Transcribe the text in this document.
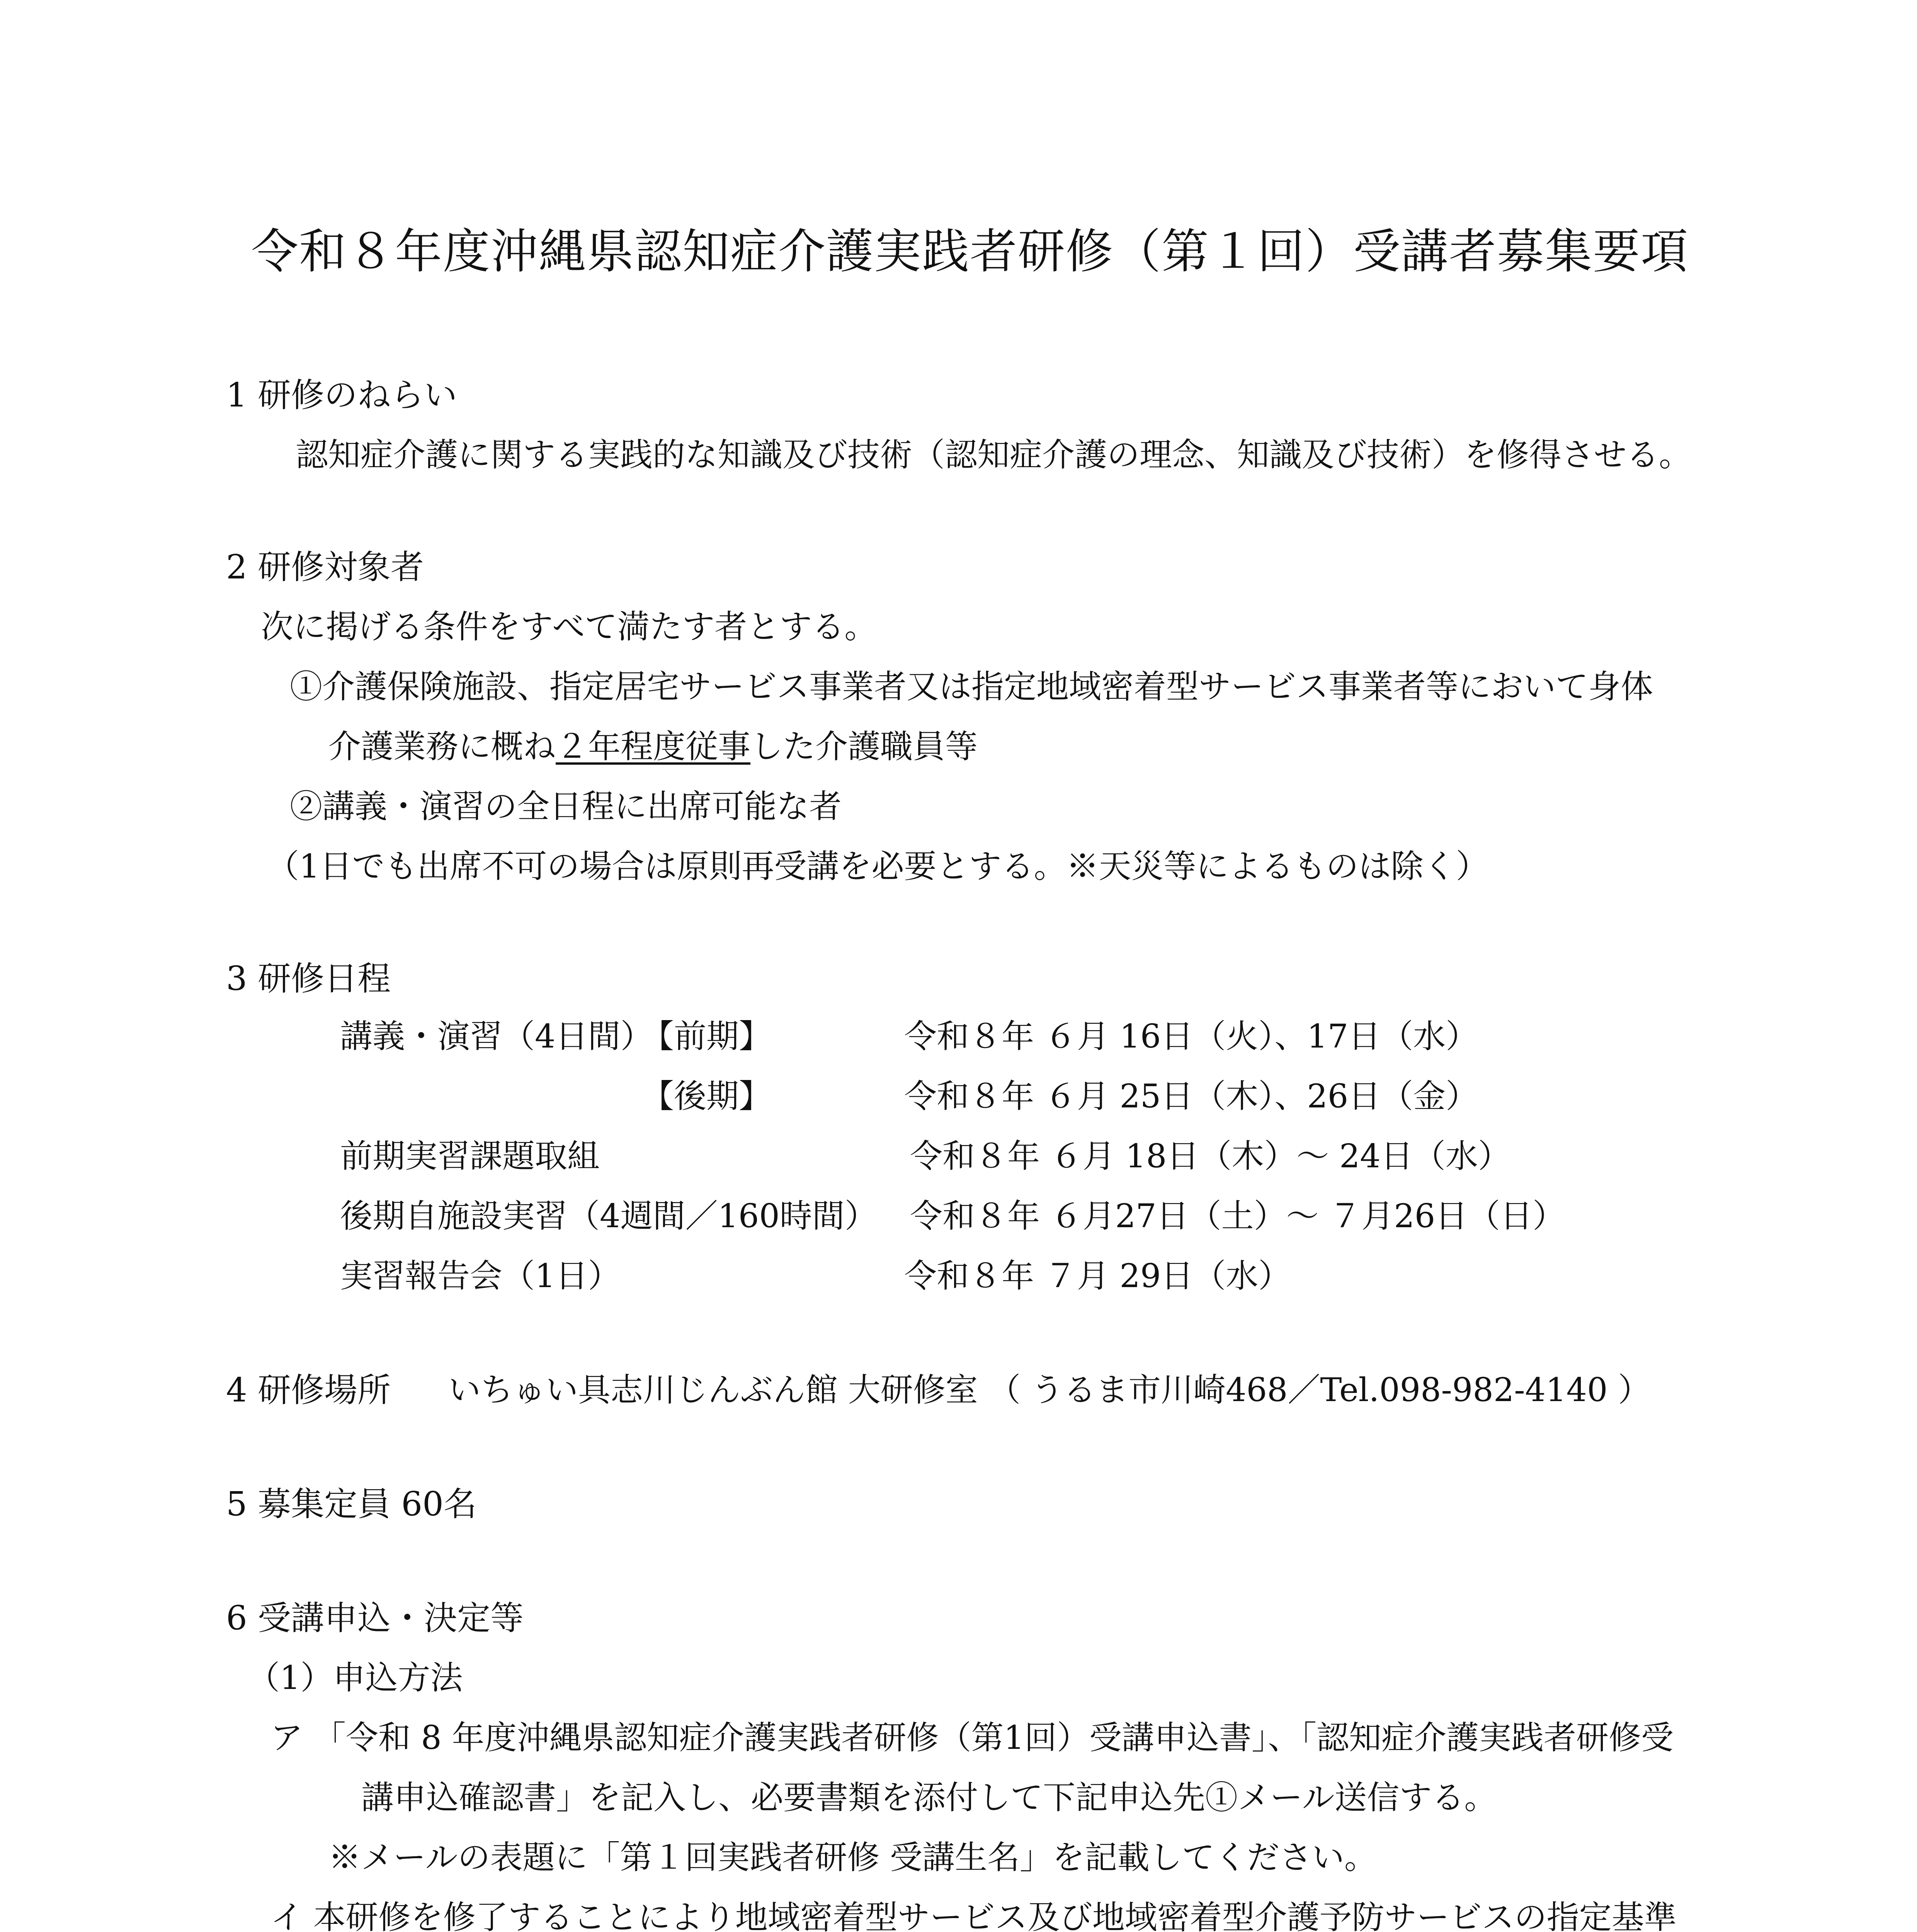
令和８年度沖縄県認知症介護実践者研修（第１回）受講者募集要項
1 研修のねらい
認知症介護に関する実践的な知識及び技術（認知症介護の理念、知識及び技術）を修得させる。
2 研修対象者
次に掲げる条件をすべて満たす者とする。
①介護保険施設、指定居宅サービス事業者又は指定地域密着型サービス事業者等において身体
介護業務に概ね２年程度従事した介護職員等
②講義・演習の全日程に出席可能な者
（1日でも出席不可の場合は原則再受講を必要とする。※天災等によるものは除く）
3 研修日程
講義・演習（4日間）
【前期】	令和８年 ６月 16日（火）、17日（水）
【後期】	令和８年 ６月 25日（木）、26日（金）
前期実習課題取組	令和８年 ６月 18日（木）～ 24日（水）
後期自施設実習（4週間／160時間） 令和８年 ６月27日（土）～ ７月26日（日）
実習報告会（1日）	令和８年 ７月 29日（水）
4 研修場所 いちゅい具志川じんぶん館 大研修室 （ うるま市川崎468／Tel.098-982-4140 ）
5 募集定員 60名
6 受講申込・決定等
（1）申込方法
ア 「令和 8 年度沖縄県認知症介護実践者研修（第1回）受講申込書」、「認知症介護実践者研修受
講申込確認書」を記入し、必要書類を添付して下記申込先①メール送信する。
※メールの表題に「第１回実践者研修 受講生名」を記載してください。
イ 本研修を修了することにより地域密着型サービス及び地域密着型介護予防サービスの指定基準
